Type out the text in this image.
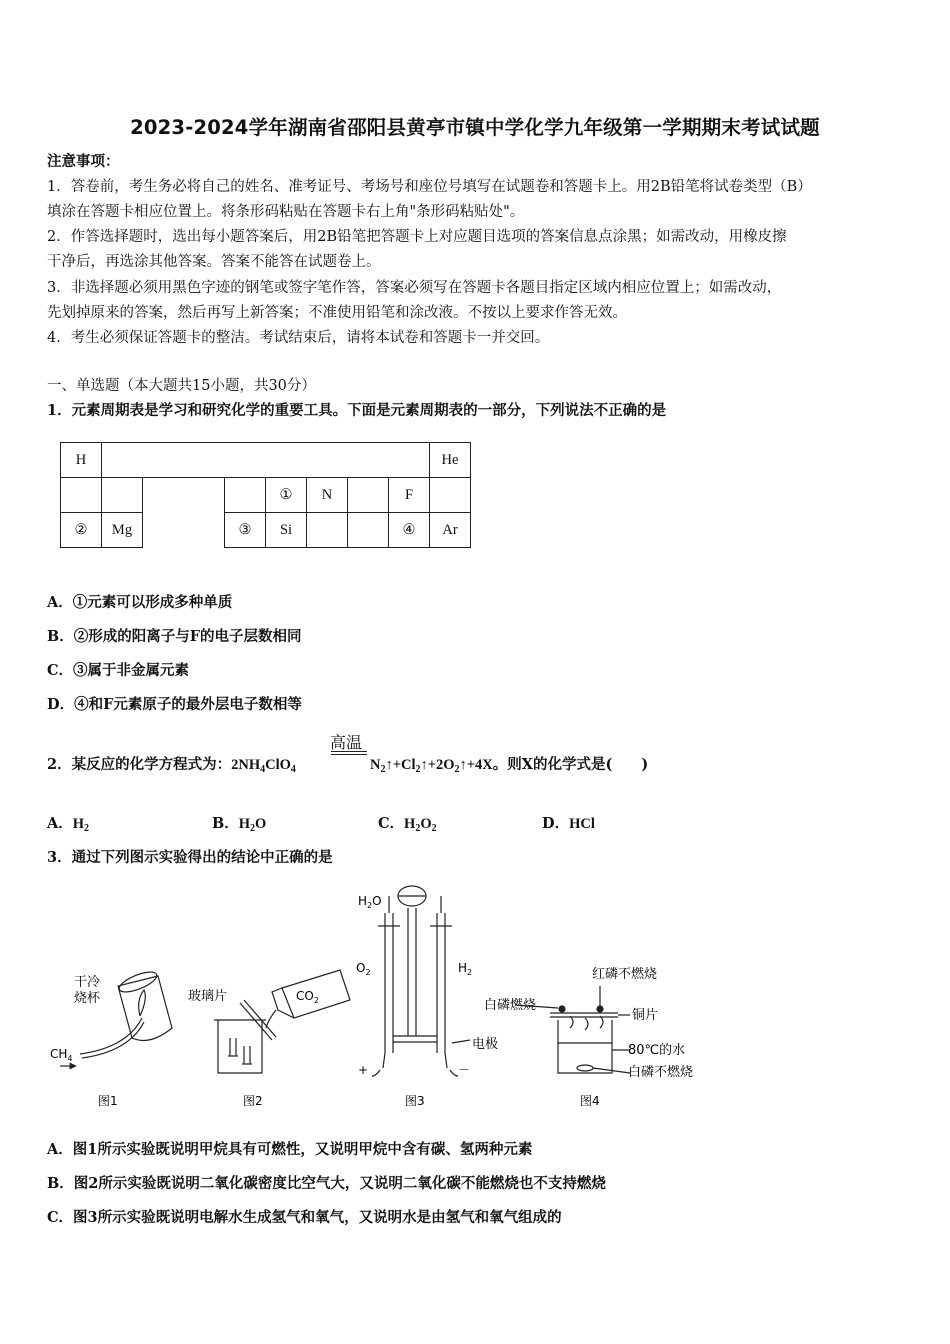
2023-2024学年湖南省邵阳县黄亭市镇中学化学九年级第一学期期末考试试题
注意事项：
1．答卷前，考生务必将自己的姓名、准考证号、考场号和座位号填写在试题卷和答题卡上。用2B铅笔将试卷类型（B）
填涂在答题卡相应位置上。将条形码粘贴在答题卡右上角"条形码粘贴处"。
2．作答选择题时，选出每小题答案后，用2B铅笔把答题卡上对应题目选项的答案信息点涂黑；如需改动，用橡皮擦
干净后，再选涂其他答案。答案不能答在试题卷上。
3．非选择题必须用黑色字迹的钢笔或签字笔作答，答案必须写在答题卡各题目指定区域内相应位置上；如需改动，
先划掉原来的答案，然后再写上新答案；不准使用铅笔和涂改液。不按以上要求作答无效。
4．考生必须保证答题卡的整洁。考试结束后，请将本试卷和答题卡一并交回。
一、单选题（本大题共15小题，共30分）
1．元素周期表是学习和研究化学的重要工具。下面是元素周期表的一部分，下列说法不正确的是
H									He
					①	N		F	
②	Mg			③	Si			④	Ar
A．①元素可以形成多种单质
B．②形成的阳离子与F的电子层数相同
C．③属于非金属元素
D．④和F元素原子的最外层电子数相等
2．某反应的化学方程式为：$2NH_4ClO_4$
高温
$N_2↑+Cl_2↑+2O_2↑+4X$。则X的化学式是(　　)
A．$H_2$	B．$H_2O$	C．$H_2O_2$	D．HCl
3．通过下列图示实验得出的结论中正确的是
干冷
烧杯
$CH_4$
图1
玻璃片	$CO_2$
图2
$H_2O$
$O_2$	$H_2$
电极
+	－
图3
红磷不燃烧
白磷燃烧
铜片
80℃的水
白磷不燃烧
图4
A．图1所示实验既说明甲烷具有可燃性，又说明甲烷中含有碳、氢两种元素
B．图2所示实验既说明二氧化碳密度比空气大，又说明二氧化碳不能燃烧也不支持燃烧
C．图3所示实验既说明电解水生成氢气和氧气，又说明水是由氢气和氧气组成的
